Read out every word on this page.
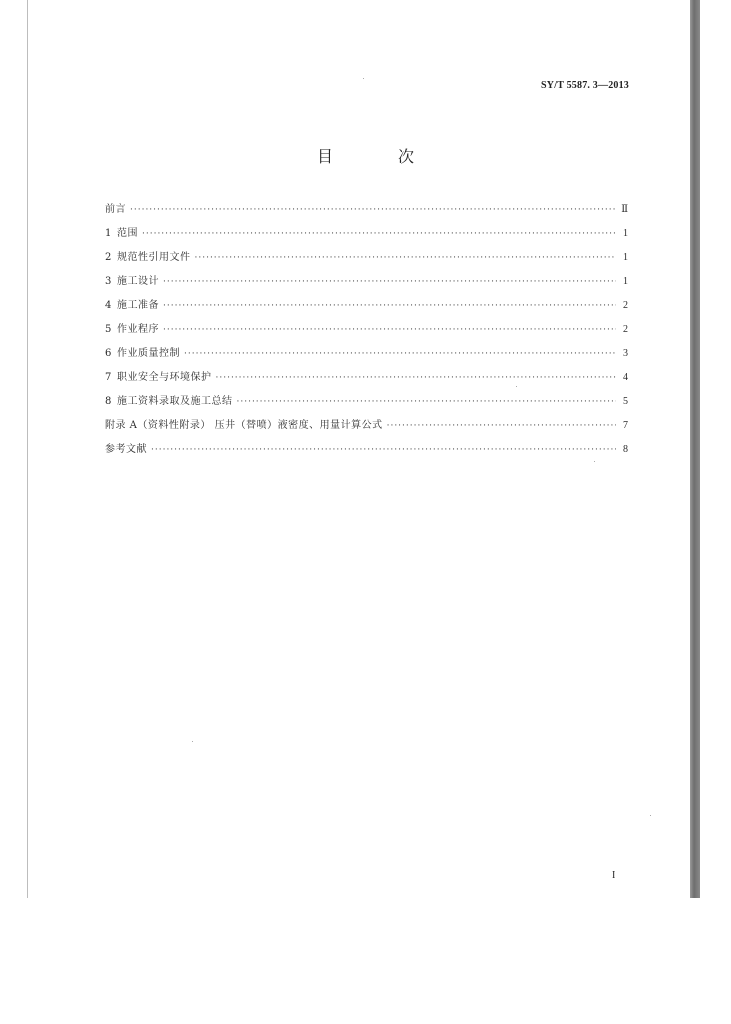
SY/T 5587. 3—2013
目 次
前言 ·····	Ⅱ
1 范围 ·····	1
2 规范性引用文件 ·····	1
3 施工设计 ·····	1
4 施工准备 ·····	2
5 作业程序 ·····	2
6 作业质量控制 ·····	3
7 职业安全与环境保护 ·····	4
8 施工资料录取及施工总结 ·····	5
附录 A（资料性附录） 压井（替喷）液密度、用量计算公式 ·····	7
参考文献 ·····	8
I
